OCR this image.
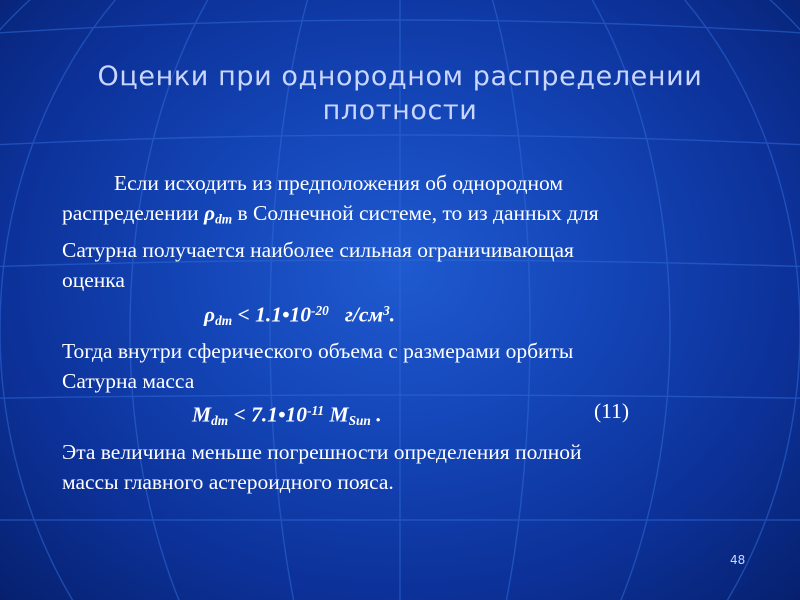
Оценки при однородном распределении
плотности
Если исходить из предположения об однородном
распределении $\rho_{dm}$ в Солнечной системе, то из данных для
Сатурна получается наиболее сильная ограничивающая
оценка
$\rho_{dm}$ < $1.1•10^{-20}$   $г/см^3$.
Тогда внутри сферического объема с размерами орбиты
Сатурна масса
$M_{dm}$ < $7.1•10^{-11}$ $M_{Sun}$ .	(11)
Эта величина меньше погрешности определения полной
массы главного астероидного пояса.
48
